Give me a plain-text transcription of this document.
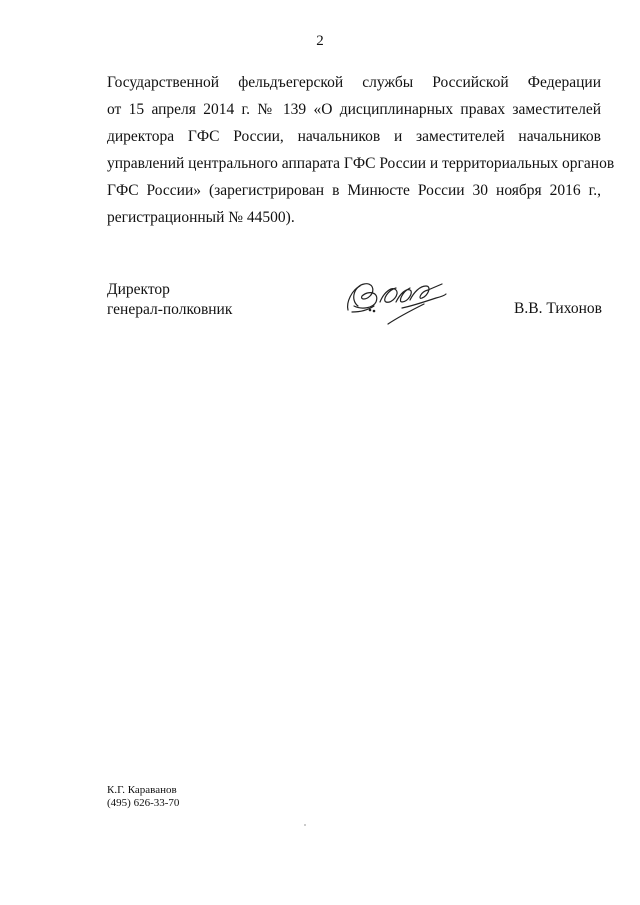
2
Государственной фельдъегерской службы Российской Федерации
от 15 апреля 2014 г. № 139 «О дисциплинарных правах заместителей
директора ГФС России, начальников и заместителей начальников
управлений центрального аппарата ГФС России и территориальных органов
ГФС России» (зарегистрирован в Минюсте России 30 ноября 2016 г.,
регистрационный № 44500).
Директор
генерал-полковник	В.В. Тихонов
К.Г. Караванов
(495) 626-33-70
